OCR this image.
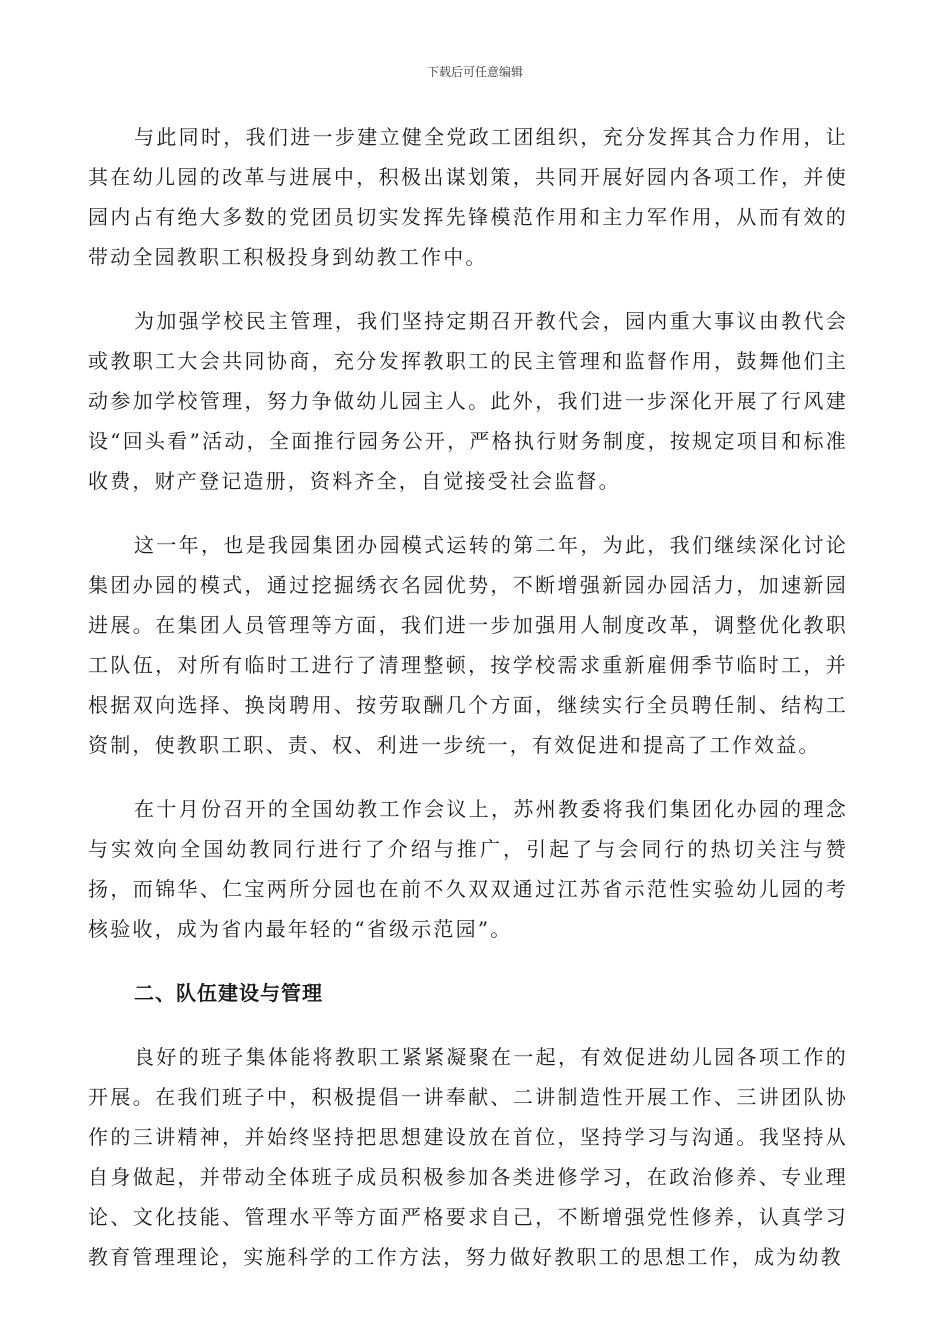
下载后可任意编辑

与此同时，我们进一步建立健全党政工团组织，充分发挥其合力作用，让其在幼儿园的改革与进展中，积极出谋划策，共同开展好园内各项工作，并使园内占有绝大多数的党团员切实发挥先锋模范作用和主力军作用，从而有效的带动全园教职工积极投身到幼教工作中。

为加强学校民主管理，我们坚持定期召开教代会，园内重大事议由教代会或教职工大会共同协商，充分发挥教职工的民主管理和监督作用，鼓舞他们主动参加学校管理，努力争做幼儿园主人。此外，我们进一步深化开展了行风建设“回头看”活动，全面推行园务公开，严格执行财务制度，按规定项目和标准收费，财产登记造册，资料齐全，自觉接受社会监督。

这一年，也是我园集团办园模式运转的第二年，为此，我们继续深化讨论集团办园的模式，通过挖掘绣衣名园优势，不断增强新园办园活力，加速新园进展。在集团人员管理等方面，我们进一步加强用人制度改革，调整优化教职工队伍，对所有临时工进行了清理整顿，按学校需求重新雇佣季节临时工，并根据双向选择、换岗聘用、按劳取酬几个方面，继续实行全员聘任制、结构工资制，使教职工职、责、权、利进一步统一，有效促进和提高了工作效益。

在十月份召开的全国幼教工作会议上，苏州教委将我们集团化办园的理念与实效向全国幼教同行进行了介绍与推广，引起了与会同行的热切关注与赞扬，而锦华、仁宝两所分园也在前不久双双通过江苏省示范性实验幼儿园的考核验收，成为省内最年轻的“省级示范园”。

二、队伍建设与管理

良好的班子集体能将教职工紧紧凝聚在一起，有效促进幼儿园各项工作的开展。在我们班子中，积极提倡一讲奉献、二讲制造性开展工作、三讲团队协作的三讲精神，并始终坚持把思想建设放在首位，坚持学习与沟通。我坚持从自身做起，并带动全体班子成员积极参加各类进修学习，在政治修养、专业理论、文化技能、管理水平等方面严格要求自己，不断增强党性修养，认真学习教育管理理论，实施科学的工作方法，努力做好教职工的思想工作，成为幼教
